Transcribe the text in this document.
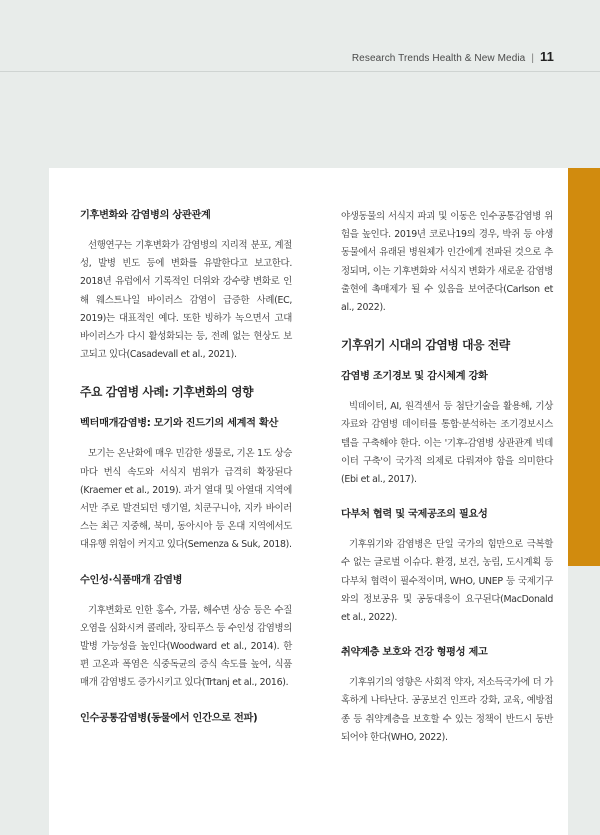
Research Trends Health & New Media | 11
기후변화와 감염병의 상관관계

선행연구는 기후변화가 감염병의 지리적 분포, 계절성, 발병 빈도 등에 변화를 유발한다고 보고한다. 2018년 유럽에서 기록적인 더위와 강수량 변화로 인해 웨스트나일 바이러스 감염이 급증한 사례(EC, 2019)는 대표적인 예다. 또한 빙하가 녹으면서 고대 바이러스가 다시 활성화되는 등, 전례 없는 현상도 보고되고 있다(Casadevall et al., 2021).

주요 감염병 사례: 기후변화의 영향
벡터매개감염병: 모기와 진드기의 세계적 확산

모기는 온난화에 매우 민감한 생물로, 기온 1도 상승마다 번식 속도와 서식지 범위가 급격히 확장된다(Kraemer et al., 2019). 과거 열대 및 아열대 지역에서만 주로 발견되던 뎅기열, 치쿤구니야, 지카 바이러스는 최근 지중해, 북미, 동아시아 등 온대 지역에서도 대유행 위험이 커지고 있다(Semenza & Suk, 2018).

수인성·식품매개 감염병

기후변화로 인한 홍수, 가뭄, 해수면 상승 등은 수질오염을 심화시켜 콜레라, 장티푸스 등 수인성 감염병의 발병 가능성을 높인다(Woodward et al., 2014). 한편 고온과 폭염은 식중독균의 증식 속도를 높여, 식품매개 감염병도 증가시키고 있다(Trtanj et al., 2016).

인수공통감염병(동물에서 인간으로 전파)

야생동물의 서식지 파괴 및 이동은 인수공통감염병 위험을 높인다. 2019년 코로나19의 경우, 박쥐 등 야생동물에서 유래된 병원체가 인간에게 전파된 것으로 추정되며, 이는 기후변화와 서식지 변화가 새로운 감염병 출현에 촉매제가 될 수 있음을 보여준다(Carlson et al., 2022).

기후위기 시대의 감염병 대응 전략
감염병 조기경보 및 감시체계 강화

빅데이터, AI, 원격센서 등 첨단기술을 활용해, 기상자료와 감염병 데이터를 통합·분석하는 조기경보시스템을 구축해야 한다. 이는 '기후-감염병 상관관계 빅데이터 구축'이 국가적 의제로 다뤄져야 함을 의미한다(Ebi et al., 2017).

다부처 협력 및 국제공조의 필요성

기후위기와 감염병은 단일 국가의 힘만으로 극복할 수 없는 글로벌 이슈다. 환경, 보건, 농림, 도시계획 등 다부처 협력이 필수적이며, WHO, UNEP 등 국제기구와의 정보공유 및 공동대응이 요구된다(MacDonald et al., 2022).

취약계층 보호와 건강 형평성 제고

기후위기의 영향은 사회적 약자, 저소득국가에 더 가혹하게 나타난다. 공공보건 인프라 강화, 교육, 예방접종 등 취약계층을 보호할 수 있는 정책이 반드시 동반되어야 한다(WHO, 2022).
